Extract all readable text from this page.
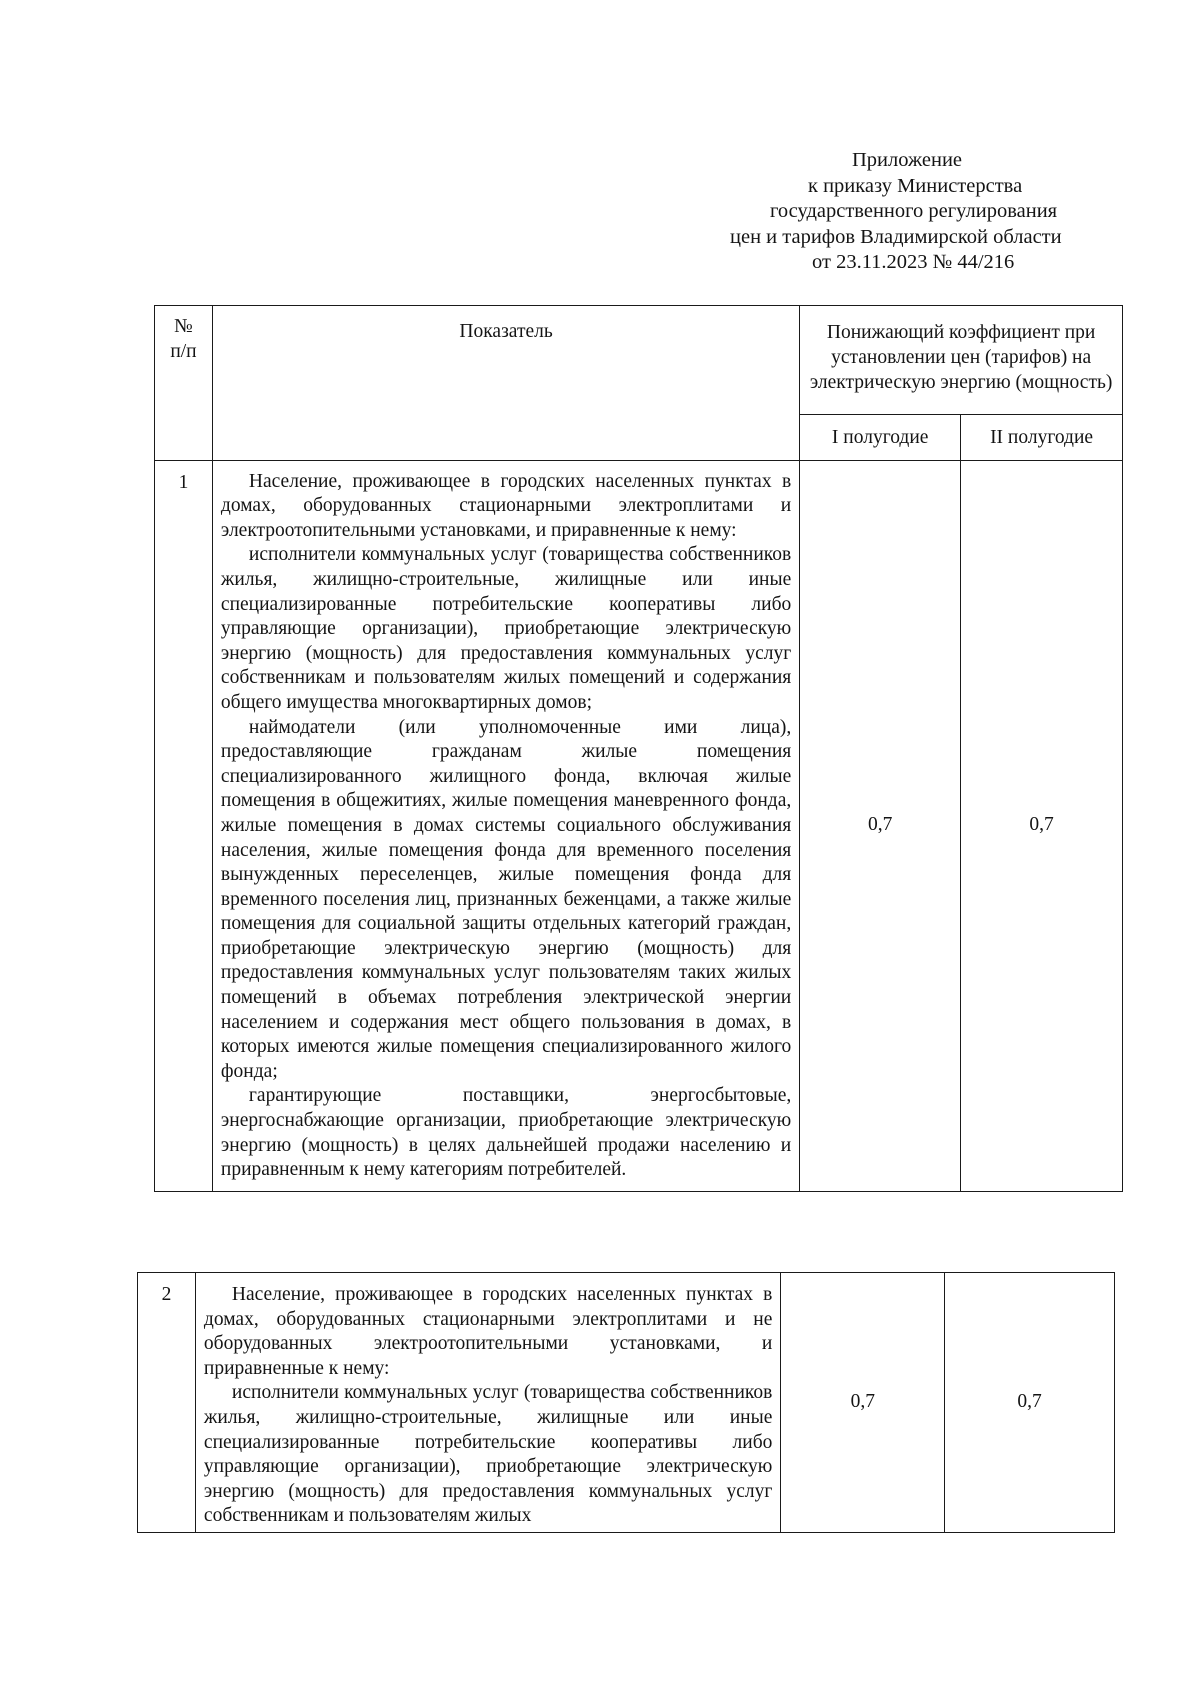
Приложение
к приказу Министерства
государственного регулирования
цен и тарифов Владимирской области
от 23.11.2023 № 44/216
№
п/п	Показатель	Понижающий коэффициент при установлении цен (тарифов) на электрическую энергию (мощность)	
		I полугодие	II полугодие
1	Население, проживающее в городских населенных пунктах в домах, оборудованных стационарными электроплитами и электроотопительными установками, и приравненные к нему:

исполнители коммунальных услуг (товарищества собственников жилья, жилищно-строительные, жилищные или иные специализированные потребительские кооперативы либо управляющие организации), приобретающие электрическую энергию (мощность) для предоставления коммунальных услуг собственникам и пользователям жилых помещений и содержания общего имущества многоквартирных домов;

наймодатели (или уполномоченные ими лица), предоставляющие гражданам жилые помещения специализированного жилищного фонда, включая жилые помещения в общежитиях, жилые помещения маневренного фонда, жилые помещения в домах системы социального обслуживания населения, жилые помещения фонда для временного поселения вынужденных переселенцев, жилые помещения фонда для временного поселения лиц, признанных беженцами, а также жилые помещения для социальной защиты отдельных категорий граждан, приобретающие электрическую энергию (мощность) для предоставления коммунальных услуг пользователям таких жилых помещений в объемах потребления электрической энергии населением и содержания мест общего пользования в домах, в которых имеются жилые помещения специализированного жилого фонда;

гарантирующие поставщики, энергосбытовые, энергоснабжающие организации, приобретающие электрическую энергию (мощность) в целях дальнейшей продажи населению и приравненным к нему категориям потребителей.	0,7	0,7
2	Население, проживающее в городских населенных пунктах в домах, оборудованных стационарными электроплитами и не оборудованных электроотопительными установками, и приравненные к нему:

исполнители коммунальных услуг (товарищества собственников жилья, жилищно-строительные, жилищные или иные специализированные потребительские кооперативы либо управляющие организации), приобретающие электрическую энергию (мощность) для предоставления коммунальных услуг собственникам и пользователям жилых

	0,7	0,7
